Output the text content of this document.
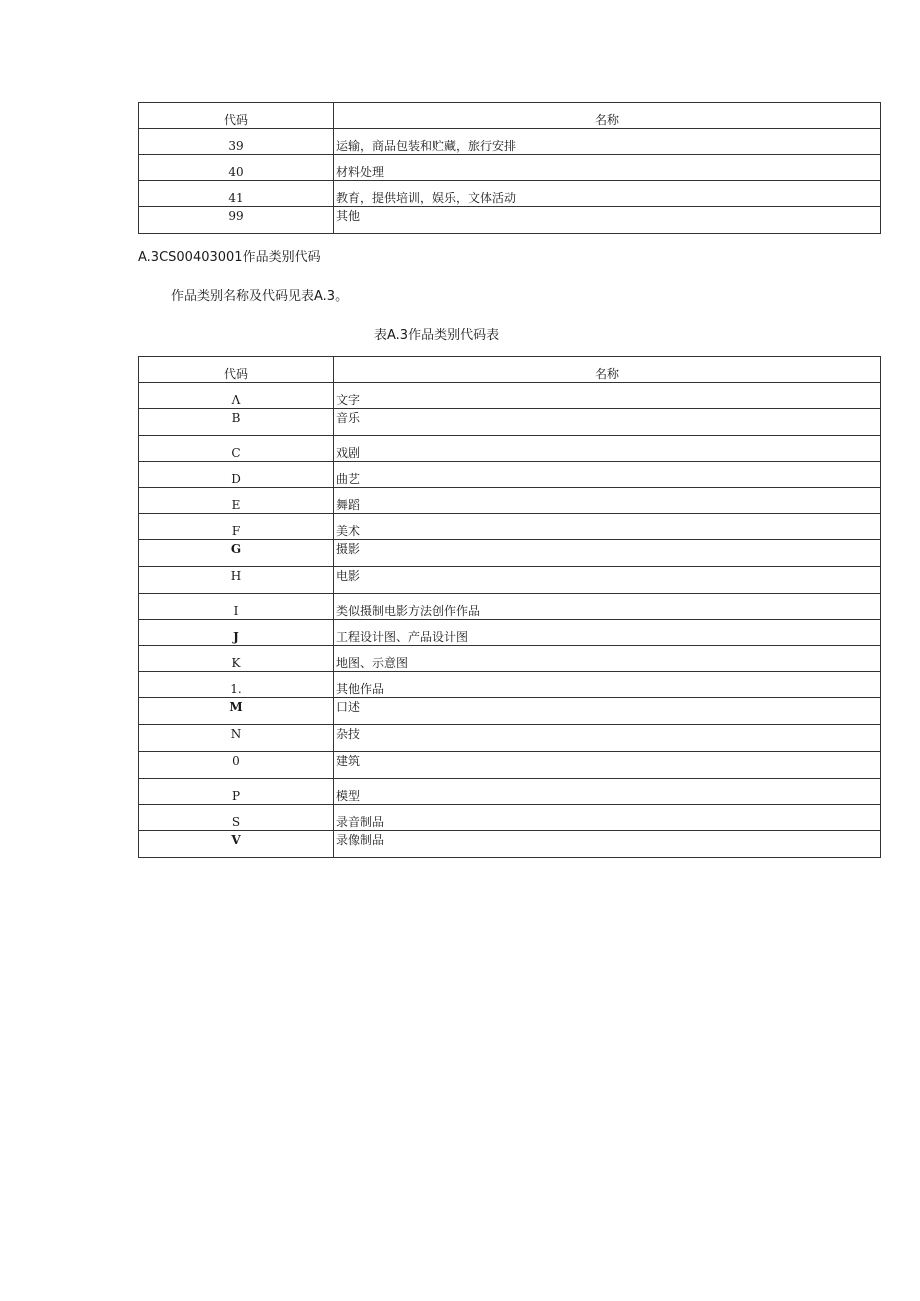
代码	名称
39	运输，商品包装和贮藏，旅行安排
40	材料处理
41	教育，提供培训，娱乐，文体活动
99	其他
A.3CS00403001作品类别代码
作品类别名称及代码见表A.3。
表A.3作品类别代码表
代码	名称
Λ	文字
B	音乐
C	戏剧
D	曲艺
E	舞蹈
F	美术
G	摄影
H	电影
I	类似摄制电影方法创作作品
J	工程设计图、产品设计图
K	地图、示意图
1.	其他作品
M	口述
N	杂技
0	建筑
P	模型
S	录音制品
V	录像制品
